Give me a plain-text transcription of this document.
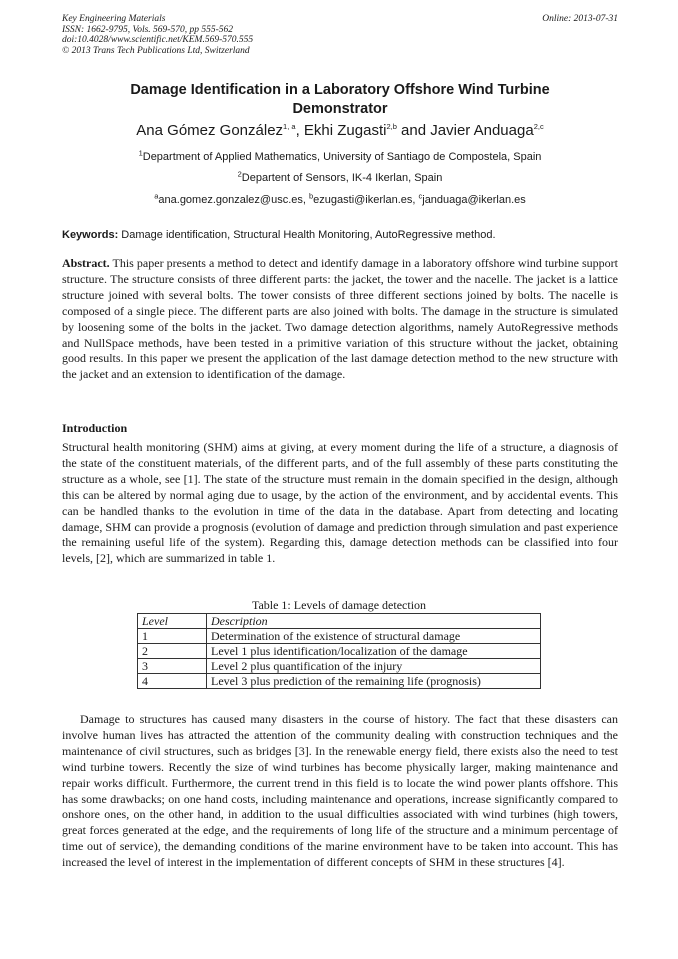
Key Engineering Materials
ISSN: 1662-9795, Vols. 569-570, pp 555-562
doi:10.4028/www.scientific.net/KEM.569-570.555
© 2013 Trans Tech Publications Ltd, Switzerland
Online: 2013-07-31
Damage Identification in a Laboratory Offshore Wind Turbine
Demonstrator
Ana Gómez González$^{1, a}$, Ekhi Zugasti$^{2,b}$ and Javier Anduaga$^{2,c}$
$^1$Department of Applied Mathematics, University of Santiago de Compostela, Spain
$^2$Departent of Sensors, IK-4 Ikerlan, Spain
$^a$ana.gomez.gonzalez@usc.es, $^b$ezugasti@ikerlan.es, $^c$janduaga@ikerlan.es
Keywords: Damage identification, Structural Health Monitoring, AutoRegressive method.
Abstract. This paper presents a method to detect and identify damage in a laboratory offshore wind turbine support structure. The structure consists of three different parts: the jacket, the tower and the nacelle. The jacket is a lattice structure joined with several bolts. The tower consists of three different sections joined by bolts. The nacelle is composed of a single piece. The different parts are also joined with bolts. The damage in the structure is simulated by loosening some of the bolts in the jacket. Two damage detection algorithms, namely AutoRegressive methods and NullSpace methods, have been tested in a primitive variation of this structure without the jacket, obtaining good results. In this paper we present the application of the last damage detection method to the new structure with the jacket and an extension to identification of the damage.
Introduction
Structural health monitoring (SHM) aims at giving, at every moment during the life of a structure, a diagnosis of the state of the constituent materials, of the different parts, and of the full assembly of these parts constituting the structure as a whole, see [1]. The state of the structure must remain in the domain specified in the design, although this can be altered by normal aging due to usage, by the action of the environment, and by accidental events. This can be handled thanks to the evolution in time of the data in the database. Apart from detecting and locating damage, SHM can provide a prognosis (evolution of damage and prediction through simulation and past experience the remaining useful life of the system). Regarding this, damage detection methods can be classified into four levels, [2], which are summarized in table 1.
Table 1: Levels of damage detection
Level	Description
1	Determination of the existence of structural damage
2	Level 1 plus identification/localization of the damage
3	Level 2 plus quantification of the injury
4	Level 3 plus prediction of the remaining life (prognosis)
Damage to structures has caused many disasters in the course of history. The fact that these disasters can involve human lives has attracted the attention of the community dealing with construction techniques and the maintenance of civil structures, such as bridges [3]. In the renewable energy field, there exists also the need to test wind turbine towers. Recently the size of wind turbines has become physically larger, making maintenance and repair works difficult. Furthermore, the current trend in this field is to locate the wind power plants offshore. This has some drawbacks; on one hand costs, including maintenance and operations, increase significantly compared to onshore ones, on the other hand, in addition to the usual difficulties associated with wind turbines (high towers, great forces generated at the edge, and the requirements of long life of the structure and a minimum percentage of time out of service), the demanding conditions of the marine environment have to be taken into account. This has increased the level of interest in the implementation of different concepts of SHM in these structures [4].
